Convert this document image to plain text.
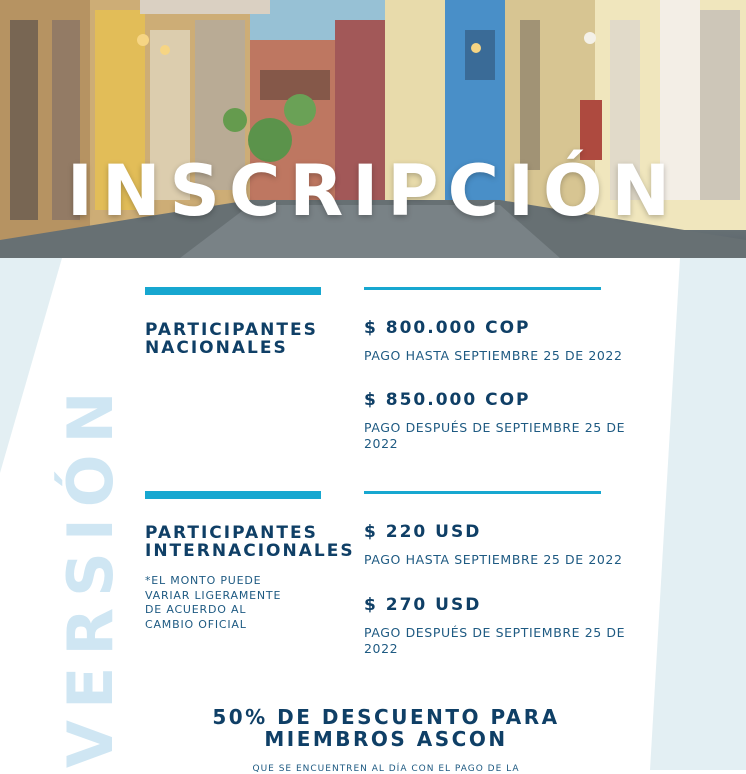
INSCRIPCIÓN
VERSIÓN
PARTICIPANTES
NACIONALES
$ 800.000 COP
PAGO HASTA SEPTIEMBRE 25 DE 2022
$ 850.000 COP
PAGO DESPUÉS DE SEPTIEMBRE 25 DE 2022
PARTICIPANTES
INTERNACIONALES
*EL MONTO PUEDE
VARIAR LIGERAMENTE
DE ACUERDO AL
CAMBIO OFICIAL
$ 220 USD
PAGO HASTA SEPTIEMBRE 25 DE 2022
$ 270 USD
PAGO DESPUÉS DE SEPTIEMBRE 25 DE 2022
50% DE DESCUENTO PARA
MIEMBROS ASCON
QUE SE ENCUENTREN AL DÍA CON EL PAGO DE LA
